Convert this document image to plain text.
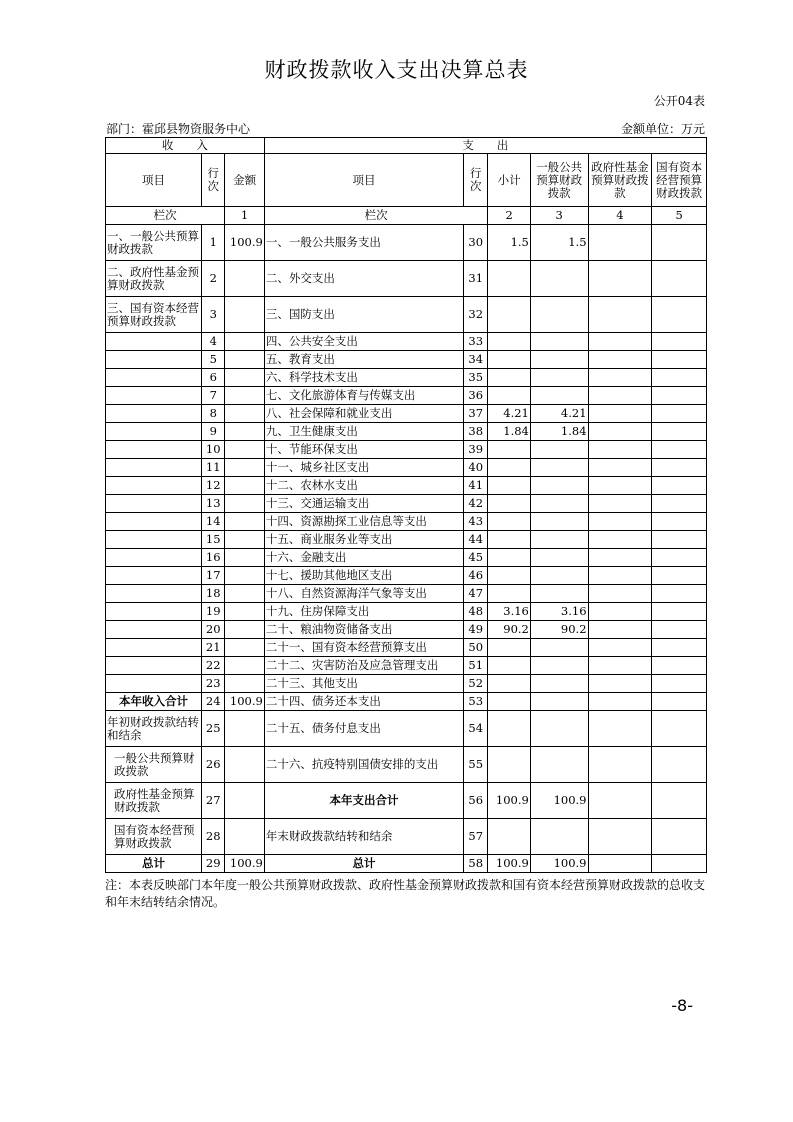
财政拨款收入支出决算总表
公开04表
部门：霍邱县物资服务中心	金额单位：万元
收　　入			支　　出					
项目	行次	金额	项目	行次	小计	一般公共预算财政拨款	政府性基金预算财政拨款	国有资本经营预算财政拨款
栏次		1	栏次		2	3	4	5
一、一般公共预算财政拨款	1	100.9	一、一般公共服务支出	30	1.5	1.5		
二、政府性基金预算财政拨款	2		二、外交支出	31				
三、国有资本经营预算财政拨款	3		三、国防支出	32				
	4		四、公共安全支出	33				
	5		五、教育支出	34				
	6		六、科学技术支出	35				
	7		七、文化旅游体育与传媒支出	36				
	8		八、社会保障和就业支出	37	4.21	4.21		
	9		九、卫生健康支出	38	1.84	1.84		
	10		十、节能环保支出	39				
	11		十一、城乡社区支出	40				
	12		十二、农林水支出	41				
	13		十三、交通运输支出	42				
	14		十四、资源勘探工业信息等支出	43				
	15		十五、商业服务业等支出	44				
	16		十六、金融支出	45				
	17		十七、援助其他地区支出	46				
	18		十八、自然资源海洋气象等支出	47				
	19		十九、住房保障支出	48	3.16	3.16		
	20		二十、粮油物资储备支出	49	90.2	90.2		
	21		二十一、国有资本经营预算支出	50				
	22		二十二、灾害防治及应急管理支出	51				
	23		二十三、其他支出	52				
本年收入合计	24	100.9	二十四、债务还本支出	53				
年初财政拨款结转和结余	25		二十五、债务付息支出	54				
一般公共预算财政拨款	26		二十六、抗疫特别国债安排的支出	55				
政府性基金预算财政拨款	27		本年支出合计	56	100.9	100.9		
国有资本经营预算财政拨款	28		年末财政拨款结转和结余	57				
总计	29	100.9	总计	58	100.9	100.9		
注：本表反映部门本年度一般公共预算财政拨款、政府性基金预算财政拨款和国有资本经营预算财政拨款的总收支和年末结转结余情况。
-8-
